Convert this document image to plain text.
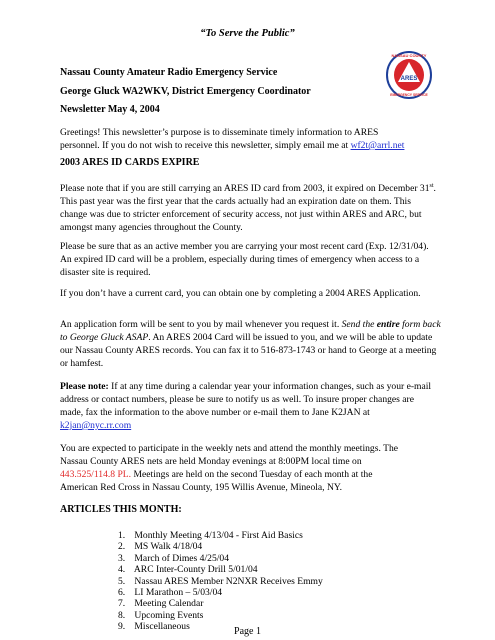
“To Serve the Public”
ARES
NASSAU COUNTY
EMERGENCY SERVICE
Nassau County Amateur Radio Emergency Service
George Gluck WA2WKV, District Emergency Coordinator
Newsletter May 4, 2004
Greetings! This newsletter’s purpose is to disseminate timely information to ARES
personnel. If you do not wish to receive this newsletter, simply email me at wf2t@arrl.net
2003 ARES ID CARDS EXPIRE
Please note that if you are still carrying an ARES ID card from 2003, it expired on December 31st.
This past year was the first year that the cards actually had an expiration date on them. This
change was due to stricter enforcement of security access, not just within ARES and ARC, but
amongst many agencies throughout the County.
Please be sure that as an active member you are carrying your most recent card (Exp. 12/31/04).
An expired ID card will be a problem, especially during times of emergency when access to a
disaster site is required.
If you don’t have a current card, you can obtain one by completing a 2004 ARES Application.
An application form will be sent to you by mail whenever you request it. Send the entire form back
to George Gluck ASAP. An ARES 2004 Card will be issued to you, and we will be able to update
our Nassau County ARES records. You can fax it to 516-873-1743 or hand to George at a meeting
or hamfest.
Please note: If at any time during a calendar year your information changes, such as your e-mail
address or contact numbers, please be sure to notify us as well. To insure proper changes are
made, fax the information to the above number or e-mail them to Jane K2JAN at
k2jan@nyc.rr.com
You are expected to participate in the weekly nets and attend the monthly meetings. The
Nassau County ARES nets are held Monday evenings at 8:00PM local time on
443.525/114.8 PL. Meetings are held on the second Tuesday of each month at the
American Red Cross in Nassau County, 195 Willis Avenue, Mineola, NY.
ARTICLES THIS MONTH:
1. Monthly Meeting 4/13/04 - First Aid Basics
2. MS Walk 4/18/04
3. March of Dimes 4/25/04
4. ARC Inter-County Drill 5/01/04
5. Nassau ARES Member N2NXR Receives Emmy
6. LI Marathon – 5/03/04
7. Meeting Calendar
8. Upcoming Events
9. Miscellaneous	Page 1
